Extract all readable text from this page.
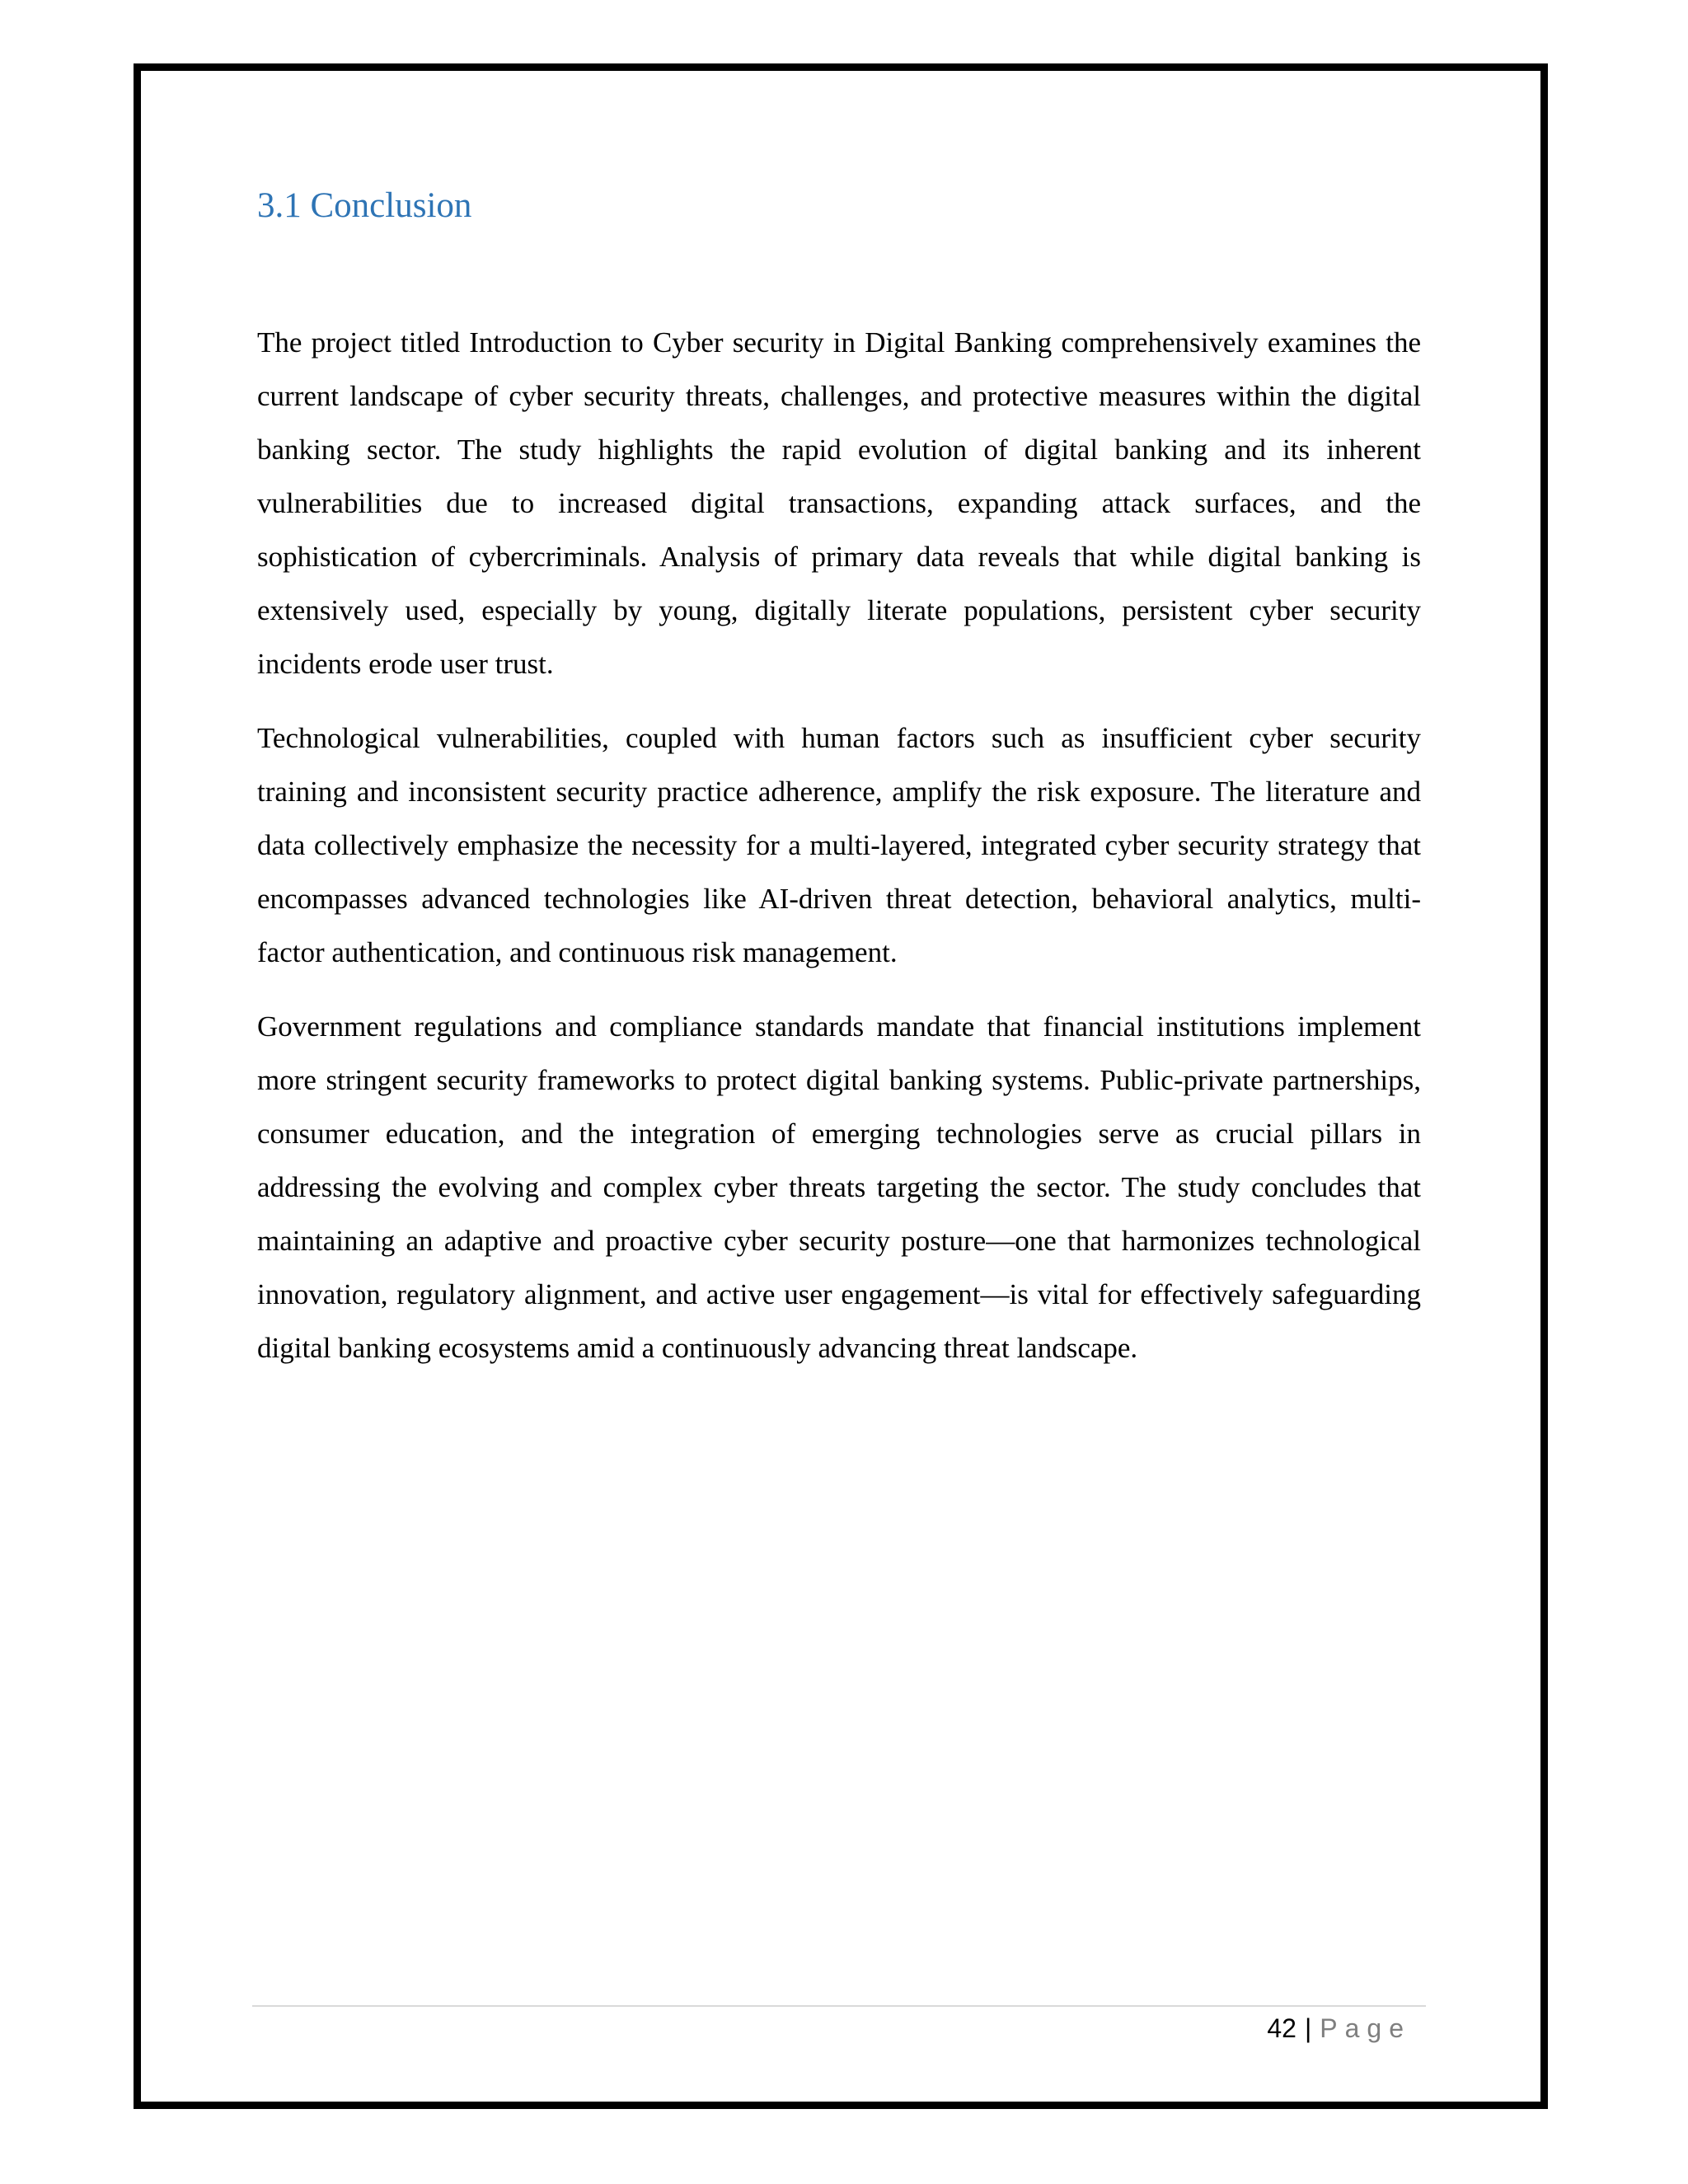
3.1 Conclusion

The project titled Introduction to Cyber security in Digital Banking comprehensively examines the current landscape of cyber security threats, challenges, and protective measures within the digital banking sector. The study highlights the rapid evolution of digital banking and its inherent vulnerabilities due to increased digital transactions, expanding attack surfaces, and the sophistication of cybercriminals. Analysis of primary data reveals that while digital banking is extensively used, especially by young, digitally literate populations, persistent cyber security incidents erode user trust.

Technological vulnerabilities, coupled with human factors such as insufficient cyber security training and inconsistent security practice adherence, amplify the risk exposure. The literature and data collectively emphasize the necessity for a multi-layered, integrated cyber security strategy that encompasses advanced technologies like AI-driven threat detection, behavioral analytics, multi-factor authentication, and continuous risk management.

Government regulations and compliance standards mandate that financial institutions implement more stringent security frameworks to protect digital banking systems. Public-private partnerships, consumer education, and the integration of emerging technologies serve as crucial pillars in addressing the evolving and complex cyber threats targeting the sector. The study concludes that maintaining an adaptive and proactive cyber security posture—one that harmonizes technological innovation, regulatory alignment, and active user engagement—is vital for effectively safeguarding digital banking ecosystems amid a continuously advancing threat landscape.

42 | Page
